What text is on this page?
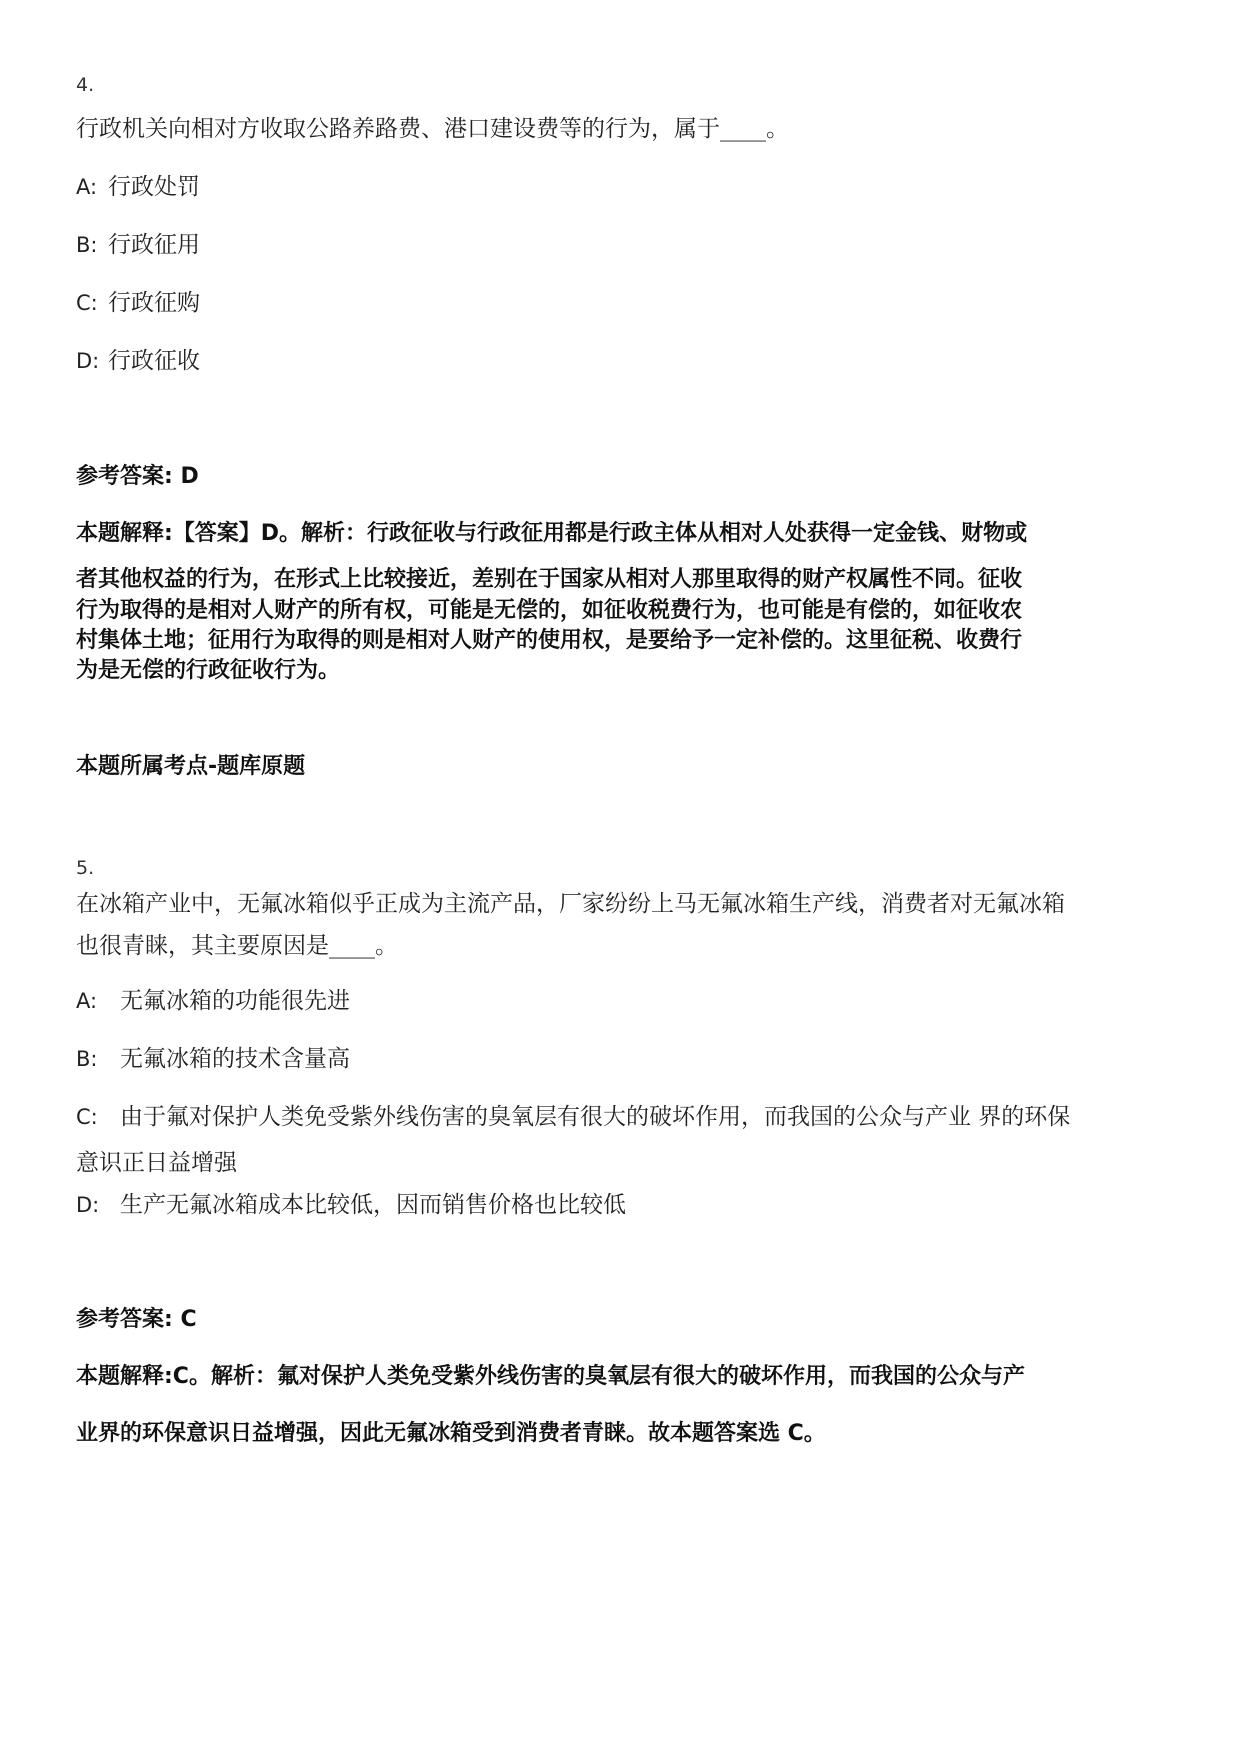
4.
行政机关向相对方收取公路养路费、港口建设费等的行为，属于____。
A: 行政处罚
B: 行政征用
C: 行政征购
D: 行政征收
参考答案: D
本题解释:【答案】D。解析：行政征收与行政征用都是行政主体从相对人处获得一定金钱、财物或
者其他权益的行为，在形式上比较接近，差别在于国家从相对人那里取得的财产权属性不同。征收
行为取得的是相对人财产的所有权，可能是无偿的，如征收税费行为，也可能是有偿的，如征收农
村集体土地；征用行为取得的则是相对人财产的使用权，是要给予一定补偿的。这里征税、收费行
为是无偿的行政征收行为。
本题所属考点-题库原题
5.
在冰箱产业中，无氟冰箱似乎正成为主流产品，厂家纷纷上马无氟冰箱生产线，消费者对无氟冰箱
也很青睐，其主要原因是____。
A: 无氟冰箱的功能很先进
B: 无氟冰箱的技术含量高
C: 由于氟对保护人类免受紫外线伤害的臭氧层有很大的破坏作用，而我国的公众与产业 界的环保
意识正日益增强
D: 生产无氟冰箱成本比较低，因而销售价格也比较低
参考答案: C
本题解释:C。解析：氟对保护人类免受紫外线伤害的臭氧层有很大的破坏作用，而我国的公众与产
业界的环保意识日益增强，因此无氟冰箱受到消费者青睐。故本题答案选 C。
